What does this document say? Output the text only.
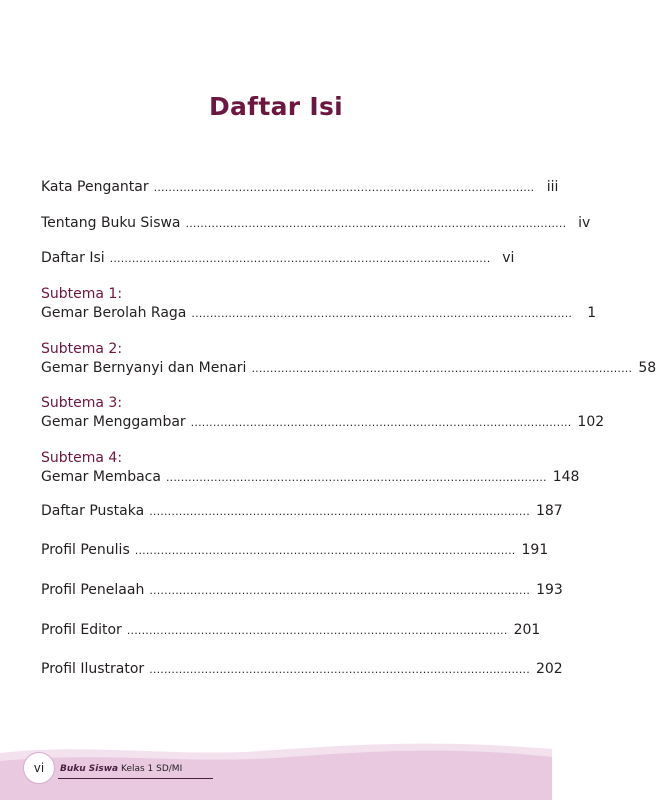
Daftar Isi
Kata Pengantar ....................................................................................................... iii
Tentang Buku Siswa ....................................................................................................... iv
Daftar Isi ....................................................................................................... vi
Subtema 1:
Gemar Berolah Raga .......................................................................................................	1
Subtema 2:
Gemar Bernyanyi dan Menari ....................................................................................................... 58
Subtema 3:
Gemar Menggambar ....................................................................................................... 102
Subtema 4:
Gemar Membaca ....................................................................................................... 148
Daftar Pustaka ....................................................................................................... 187
Profil Penulis ....................................................................................................... 191
Profil Penelaah ....................................................................................................... 193
Profil Editor ....................................................................................................... 201
Profil Ilustrator ....................................................................................................... 202
vi	Buku Siswa Kelas 1 SD/MI
